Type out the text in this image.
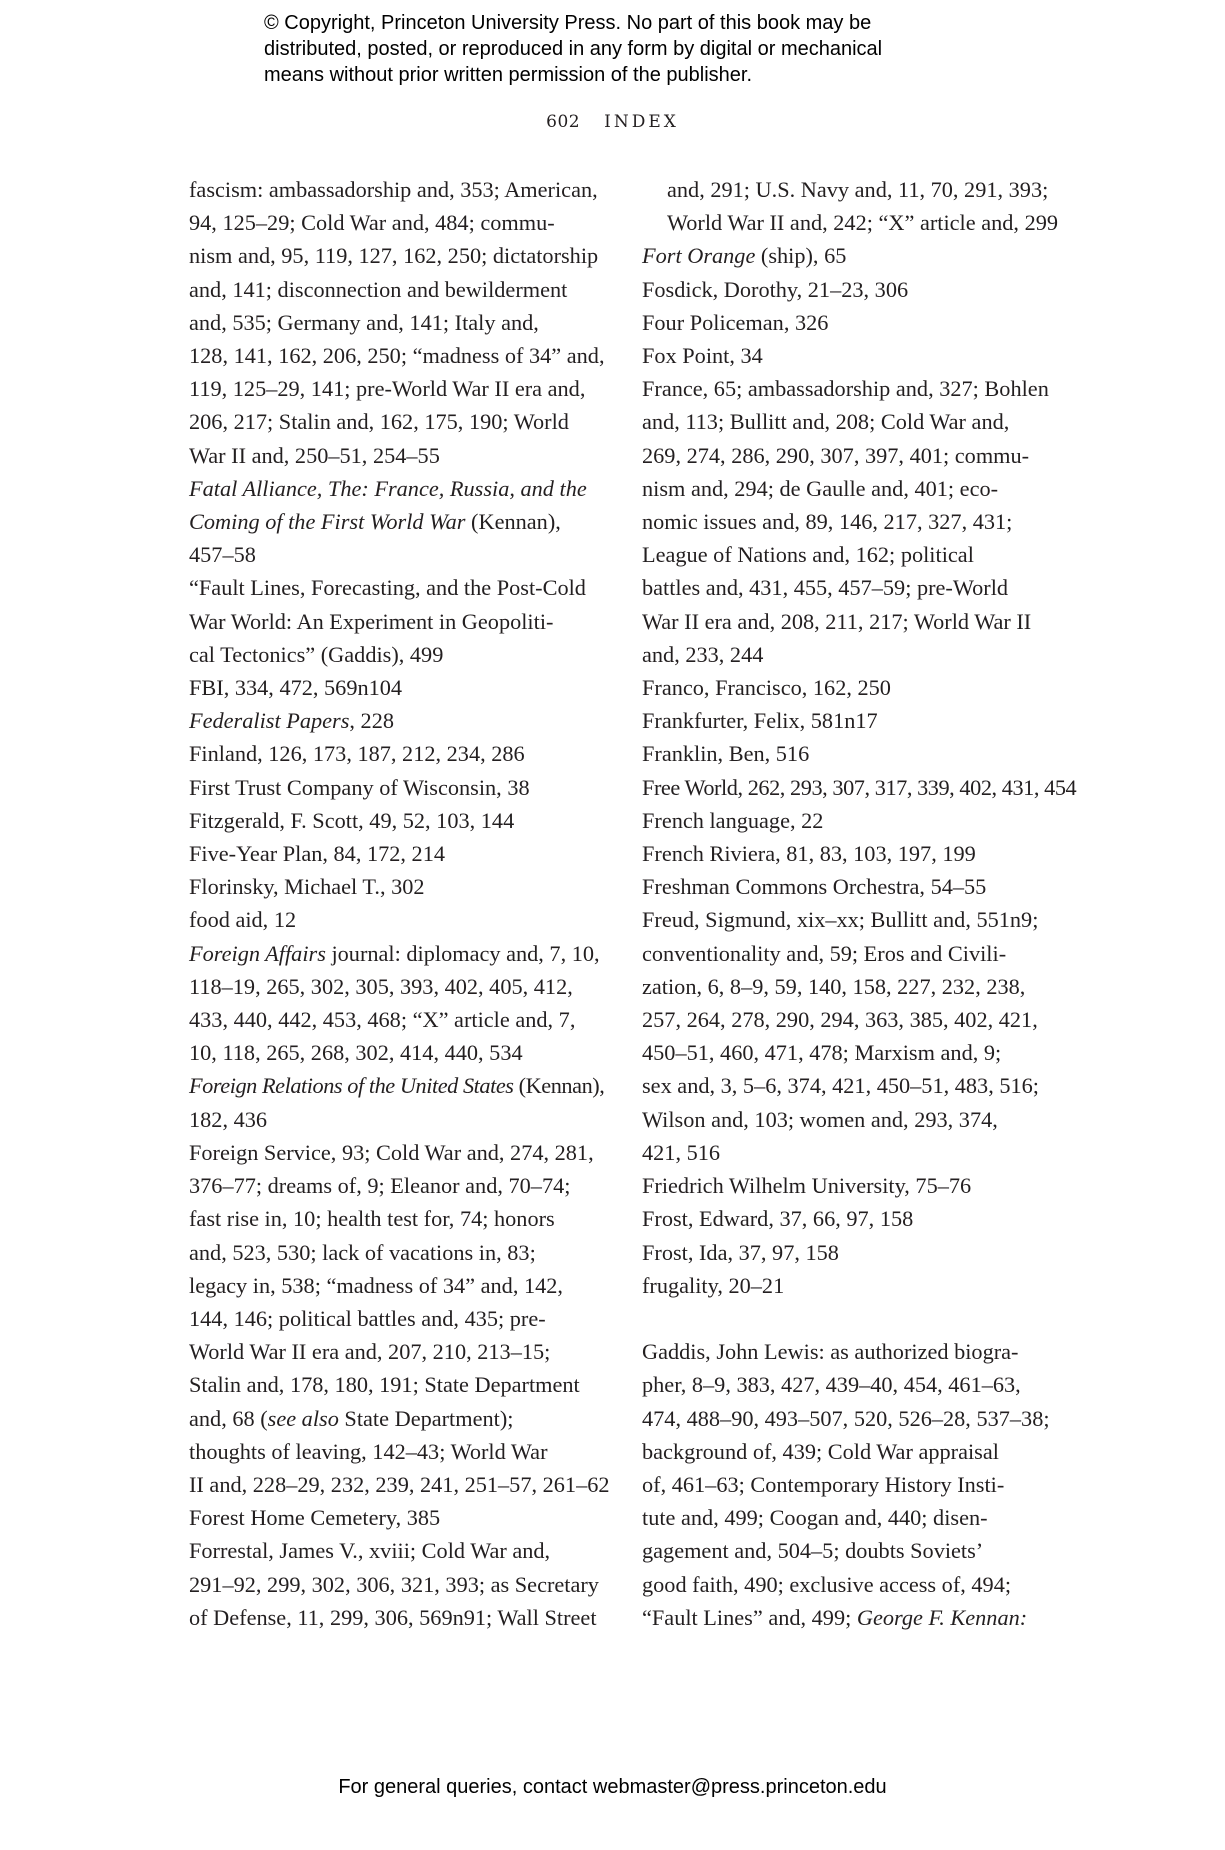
© Copyright, Princeton University Press. No part of this book may be
distributed, posted, or reproduced in any form by digital or mechanical
means without prior written permission of the publisher.
602 INDEX
fascism: ambassadorship and, 353; American,
94, 125–29; Cold War and, 484; commu-
nism and, 95, 119, 127, 162, 250; dictatorship
and, 141; disconnection and bewilderment
and, 535; Germany and, 141; Italy and,
128, 141, 162, 206, 250; “madness of 34” and,
119, 125–29, 141; pre-World War II era and,
206, 217; Stalin and, 162, 175, 190; World
War II and, 250–51, 254–55
Fatal Alliance, The: France, Russia, and the
Coming of the First World War (Kennan),
457–58
“Fault Lines, Forecasting, and the Post-Cold
War World: An Experiment in Geopoliti-
cal Tectonics” (Gaddis), 499
FBI, 334, 472, 569n104
Federalist Papers, 228
Finland, 126, 173, 187, 212, 234, 286
First Trust Company of Wisconsin, 38
Fitzgerald, F. Scott, 49, 52, 103, 144
Five-Year Plan, 84, 172, 214
Florinsky, Michael T., 302
food aid, 12
Foreign Affairs journal: diplomacy and, 7, 10,
118–19, 265, 302, 305, 393, 402, 405, 412,
433, 440, 442, 453, 468; “X” article and, 7,
10, 118, 265, 268, 302, 414, 440, 534
Foreign Relations of the United States (Kennan),
182, 436
Foreign Service, 93; Cold War and, 274, 281,
376–77; dreams of, 9; Eleanor and, 70–74;
fast rise in, 10; health test for, 74; honors
and, 523, 530; lack of vacations in, 83;
legacy in, 538; “madness of 34” and, 142,
144, 146; political battles and, 435; pre-
World War II era and, 207, 210, 213–15;
Stalin and, 178, 180, 191; State Department
and, 68 (see also State Department);
thoughts of leaving, 142–43; World War
II and, 228–29, 232, 239, 241, 251–57, 261–62
Forest Home Cemetery, 385
Forrestal, James V., xviii; Cold War and,
291–92, 299, 302, 306, 321, 393; as Secretary
of Defense, 11, 299, 306, 569n91; Wall Street
and, 291; U.S. Navy and, 11, 70, 291, 393;
World War II and, 242; “X” article and, 299
Fort Orange (ship), 65
Fosdick, Dorothy, 21–23, 306
Four Policeman, 326
Fox Point, 34
France, 65; ambassadorship and, 327; Bohlen
and, 113; Bullitt and, 208; Cold War and,
269, 274, 286, 290, 307, 397, 401; commu-
nism and, 294; de Gaulle and, 401; eco-
nomic issues and, 89, 146, 217, 327, 431;
League of Nations and, 162; political
battles and, 431, 455, 457–59; pre-World
War II era and, 208, 211, 217; World War II
and, 233, 244
Franco, Francisco, 162, 250
Frankfurter, Felix, 581n17
Franklin, Ben, 516
Free World, 262, 293, 307, 317, 339, 402, 431, 454
French language, 22
French Riviera, 81, 83, 103, 197, 199
Freshman Commons Orchestra, 54–55
Freud, Sigmund, xix–xx; Bullitt and, 551n9;
conventionality and, 59; Eros and Civili-
zation, 6, 8–9, 59, 140, 158, 227, 232, 238,
257, 264, 278, 290, 294, 363, 385, 402, 421,
450–51, 460, 471, 478; Marxism and, 9;
sex and, 3, 5–6, 374, 421, 450–51, 483, 516;
Wilson and, 103; women and, 293, 374,
421, 516
Friedrich Wilhelm University, 75–76
Frost, Edward, 37, 66, 97, 158
Frost, Ida, 37, 97, 158
frugality, 20–21
Gaddis, John Lewis: as authorized biogra-
pher, 8–9, 383, 427, 439–40, 454, 461–63,
474, 488–90, 493–507, 520, 526–28, 537–38;
background of, 439; Cold War appraisal
of, 461–63; Contemporary History Insti-
tute and, 499; Coogan and, 440; disen-
gagement and, 504–5; doubts Soviets’
good faith, 490; exclusive access of, 494;
“Fault Lines” and, 499; George F. Kennan:
For general queries, contact webmaster@press.princeton.edu
